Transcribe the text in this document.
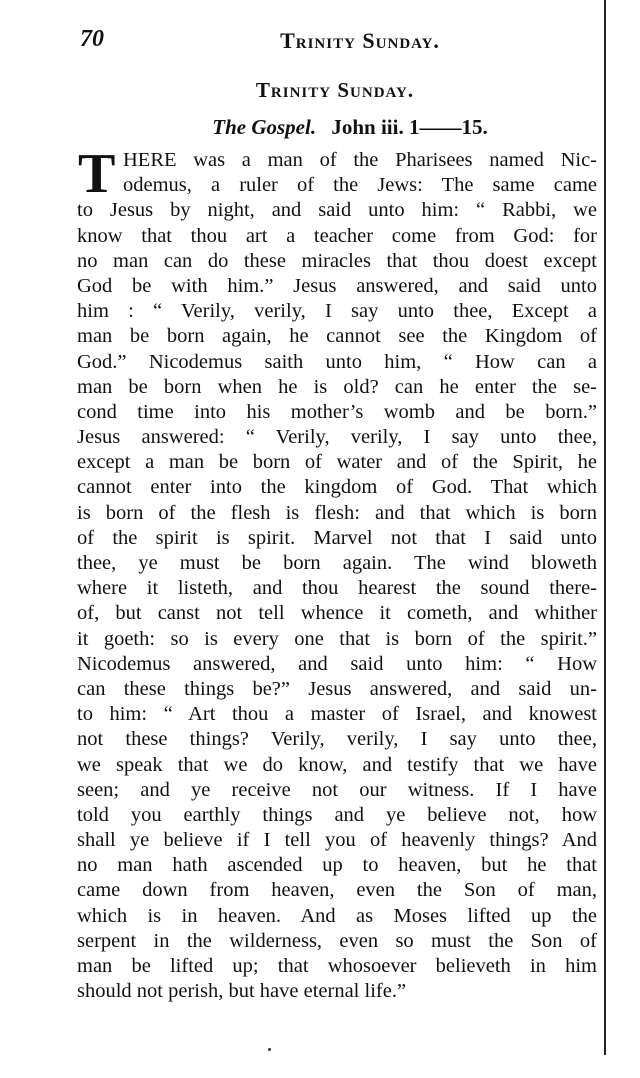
70	Trinity Sunday.
Trinity Sunday.
The Gospel. John iii. 1——15.
T HERE was a man of the Pharisees named Nic-
odemus, a ruler of the Jews: The same came
to Jesus by night, and said unto him: “ Rabbi, we
know that thou art a teacher come from God: for
no man can do these miracles that thou doest except
God be with him.” Jesus answered, and said unto
him : “ Verily, verily, I say unto thee, Except a
man be born again, he cannot see the Kingdom of
God.” Nicodemus saith unto him, “ How can a
man be born when he is old? can he enter the se-
cond time into his mother’s womb and be born.”
Jesus answered: “ Verily, verily, I say unto thee,
except a man be born of water and of the Spirit, he
cannot enter into the kingdom of God. That which
is born of the flesh is flesh: and that which is born
of the spirit is spirit. Marvel not that I said unto
thee, ye must be born again. The wind bloweth
where it listeth, and thou hearest the sound there-
of, but canst not tell whence it cometh, and whither
it goeth: so is every one that is born of the spirit.”
Nicodemus answered, and said unto him: “ How
can these things be?” Jesus answered, and said un-
to him: “ Art thou a master of Israel, and knowest
not these things? Verily, verily, I say unto thee,
we speak that we do know, and testify that we have
seen; and ye receive not our witness. If I have
told you earthly things and ye believe not, how
shall ye believe if I tell you of heavenly things? And
no man hath ascended up to heaven, but he that
came down from heaven, even the Son of man,
which is in heaven. And as Moses lifted up the
serpent in the wilderness, even so must the Son of
man be lifted up; that whosoever believeth in him
should not perish, but have eternal life.”
